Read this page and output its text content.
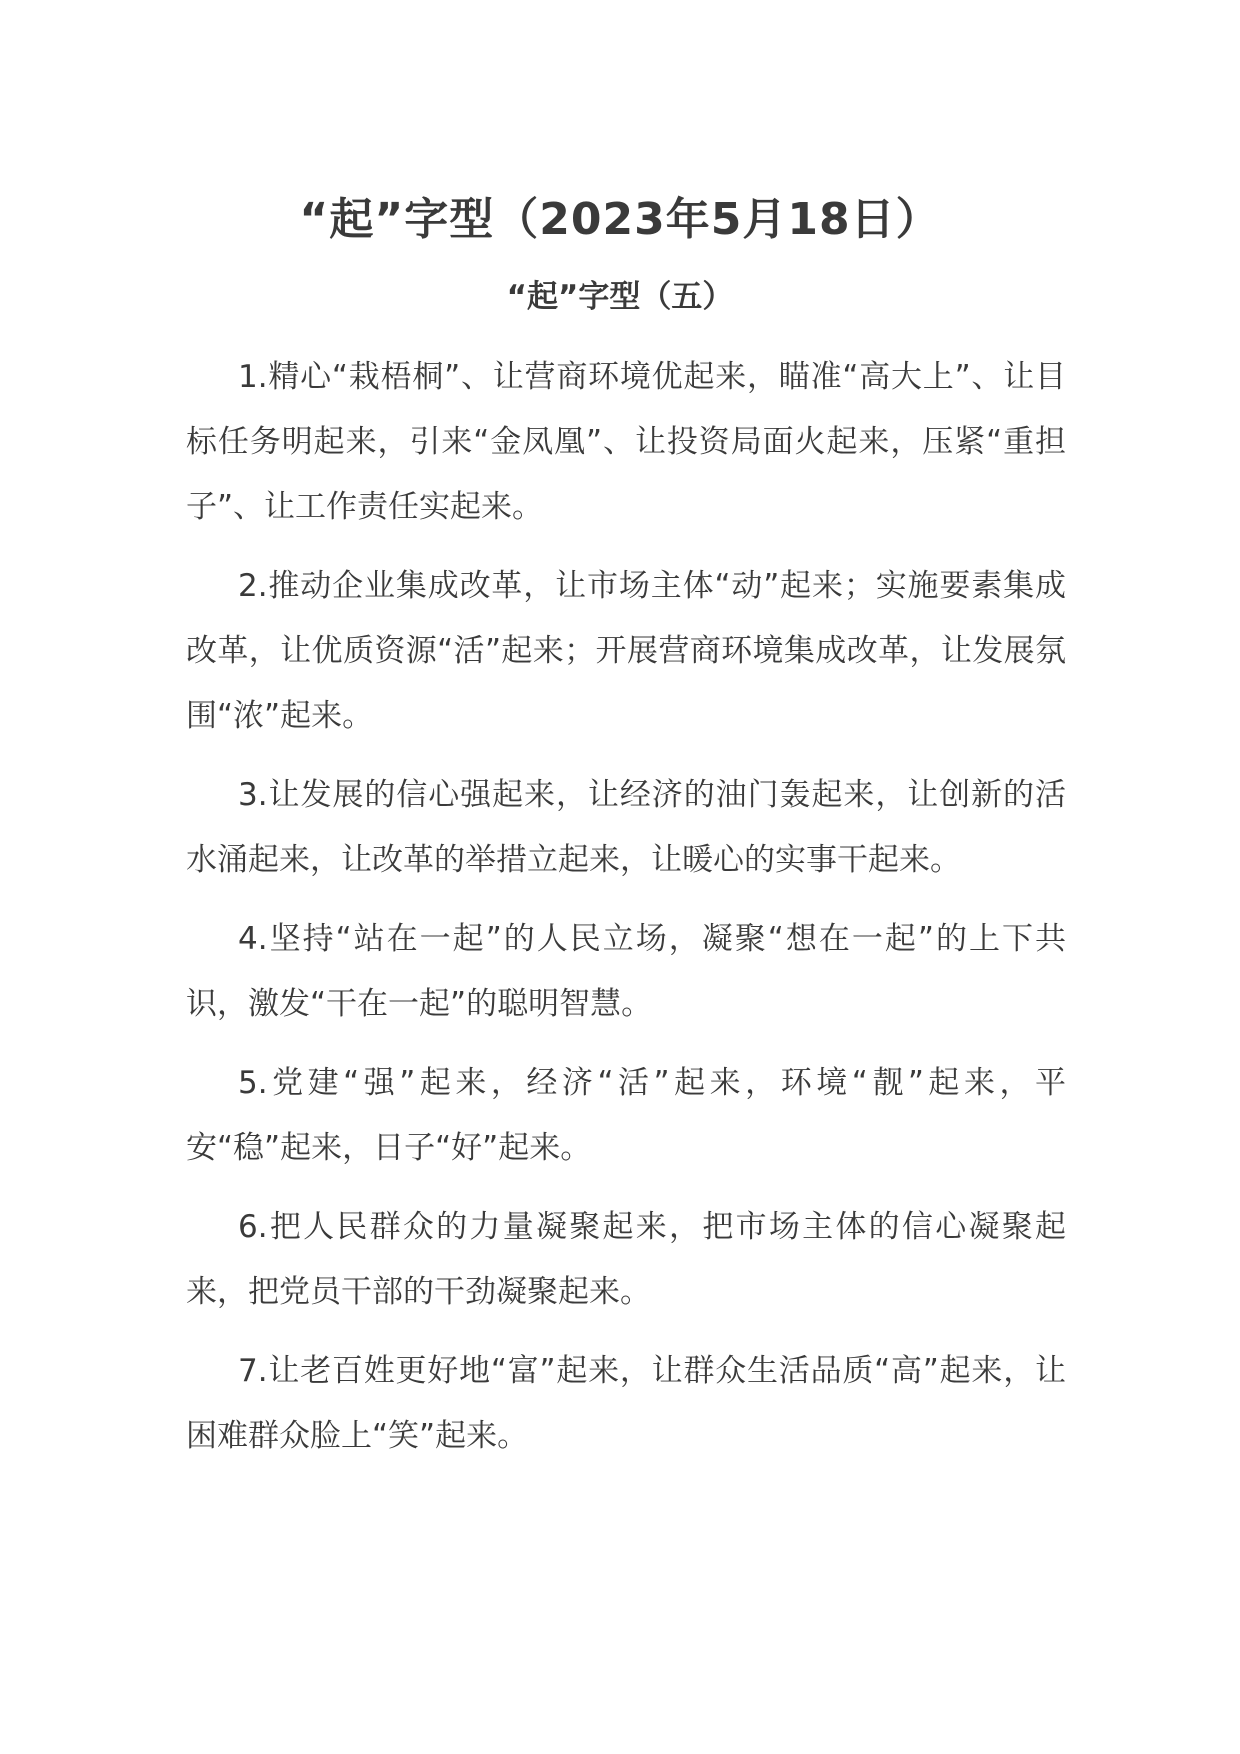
“起”字型（2023年5月18日）
“起”字型（五）

1.精心“栽梧桐”、让营商环境优起来，瞄准“高大上”、让目标任务明起来，引来“金凤凰”、让投资局面火起来，压紧“重担子”、让工作责任实起来。

2.推动企业集成改革，让市场主体“动”起来；实施要素集成改革，让优质资源“活”起来；开展营商环境集成改革，让发展氛围“浓”起来。

3.让发展的信心强起来，让经济的油门轰起来，让创新的活水涌起来，让改革的举措立起来，让暖心的实事干起来。

4.坚持“站在一起”的人民立场，凝聚“想在一起”的上下共识，激发“干在一起”的聪明智慧。

5.党建“强”起来，经济“活”起来，环境“靓”起来，平安“稳”起来，日子“好”起来。

6.把人民群众的力量凝聚起来，把市场主体的信心凝聚起来，把党员干部的干劲凝聚起来。

7.让老百姓更好地“富”起来，让群众生活品质“高”起来，让困难群众脸上“笑”起来。
